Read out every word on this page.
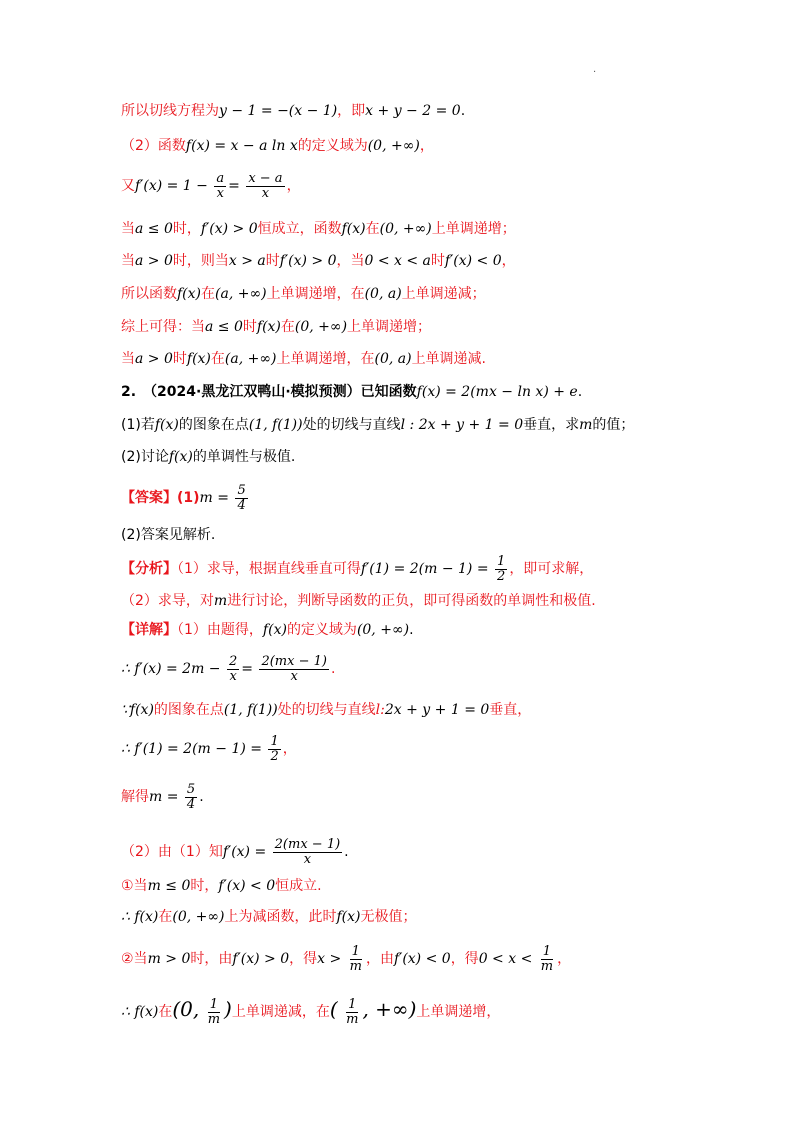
.
所以切线方程为y − 1 = −(x − 1)，即x + y − 2 = 0.
（2）函数f(x) = x − a ln x的定义域为(0, +∞)，
又$f'(x) = 1 - \frac{a}{x} = \frac{x - a}{x}$ ，
当a ≤ 0时，f′(x) > 0恒成立，函数f(x)在(0, +∞)上单调递增；
当a > 0时，则当x > a时f′(x) > 0，当0 < x < a时f′(x) < 0，
所以函数f(x)在(a, +∞)上单调递增，在(0, a)上单调递减；
综上可得：当a ≤ 0时f(x)在(0, +∞)上单调递增；
当a > 0时f(x)在(a, +∞)上单调递增，在(0, a)上单调递减.
2.　（2024·黑龙江双鸭山·模拟预测）已知函数f(x) = 2(mx − ln x) + e.
(1)若f(x)的图象在点(1, f(1))处的切线与直线l : 2x + y + 1 = 0垂直，求m的值；
(2)讨论f(x)的单调性与极值.
【答案】$(1)m = \frac{5}{4}$
(2)答案见解析.
【分析】（1）求导，根据直线垂直可得$f'(1) = 2(m - 1) = \frac{1}{2}$ ，即可求解，
（2）求导，对m进行讨论，判断导函数的正负，即可得函数的单调性和极值.
【详解】（1）由题得，f(x)的定义域为(0, +∞).
∴ $f'(x) = 2m - \frac{2}{x} = \frac{2(mx - 1)}{x}$ .
∵f(x)的图象在点(1, f(1))处的切线与直线l:2x + y + 1 = 0垂直，
∴ $f'(1) = 2(m - 1) = \frac{1}{2}$ ，
解得$m = \frac{5}{4}$ .
（2）由（1）知$f'(x) = \frac{2(mx - 1)}{x}$ .
①当m ≤ 0时，f′(x) < 0恒成立.
∴ f(x)在(0, +∞)上为减函数，此时f(x)无极值；
②当m > 0时，由f′(x) > 0，得$x > \frac{1}{m}$ ，由f′(x) < 0，得$0 < x < \frac{1}{m}$ ，
∴ f(x)在(0, $\frac{1}{m}$ )上单调递减，在( $\frac{1}{m}$ , +∞)上单调递增，
